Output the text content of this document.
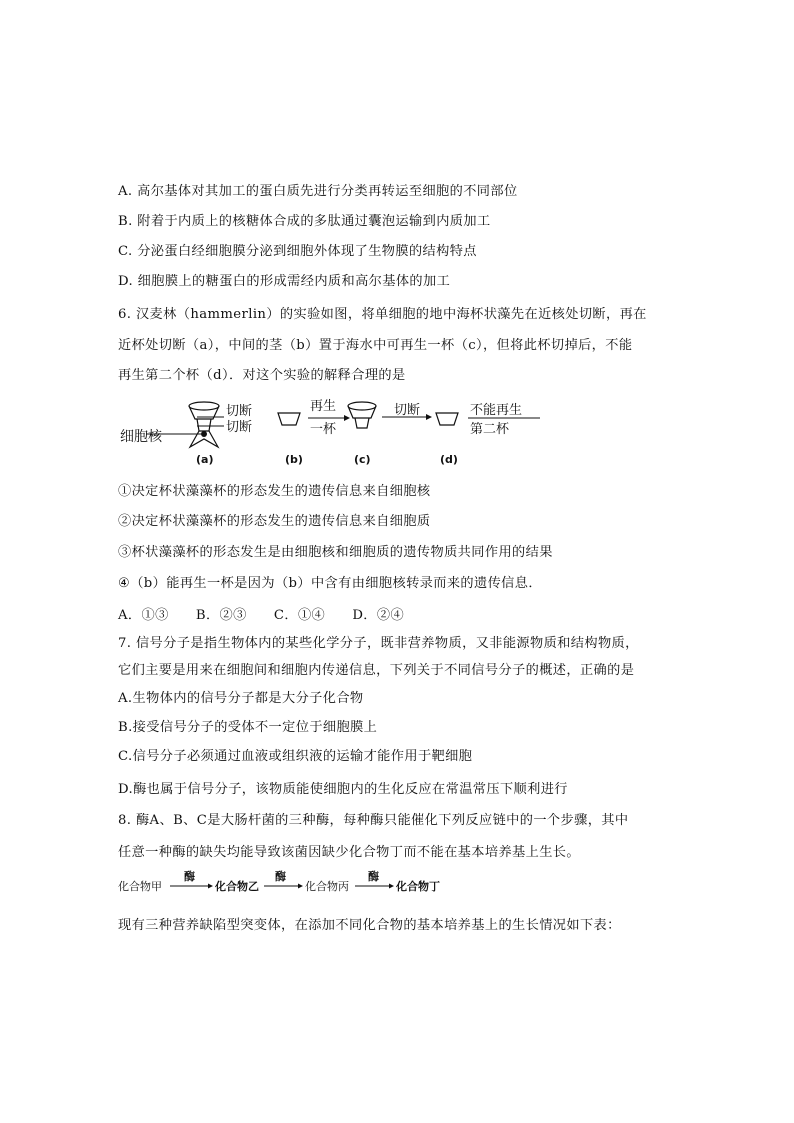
A. 高尔基体对其加工的蛋白质先进行分类再转运至细胞的不同部位
B. 附着于内质上的核糖体合成的多肽通过囊泡运输到内质加工
C. 分泌蛋白经细胞膜分泌到细胞外体现了生物膜的结构特点
D. 细胞膜上的糖蛋白的形成需经内质和高尔基体的加工
6. 汉麦林（hammerlin）的实验如图，将单细胞的地中海杯状藻先在近核处切断，再在
近杯处切断（a），中间的茎（b）置于海水中可再生一杯（c），但将此杯切掉后，不能
再生第二个杯（d）．对这个实验的解释合理的是
细胞核
切断
切断
再生
一杯
切断	不能再生
第二杯
(a)	(b)	(c)	(d)
①决定杯状藻藻杯的形态发生的遗传信息来自细胞核
②决定杯状藻藻杯的形态发生的遗传信息来自细胞质
③杯状藻藻杯的形态发生是由细胞核和细胞质的遗传物质共同作用的结果
④（b）能再生一杯是因为（b）中含有由细胞核转录而来的遗传信息．
A．①③　　B．②③　　C．①④　　D．②④
7. 信号分子是指生物体内的某些化学分子，既非营养物质，又非能源物质和结构物质，
它们主要是用来在细胞间和细胞内传递信息，下列关于不同信号分子的概述，正确的是
A.生物体内的信号分子都是大分子化合物
B.接受信号分子的受体不一定位于细胞膜上
C.信号分子必须通过血液或组织液的运输才能作用于靶细胞
D.酶也属于信号分子，该物质能使细胞内的生化反应在常温常压下顺利进行
8. 酶A、B、C是大肠杆菌的三种酶，每种酶只能催化下列反应链中的一个步骤，其中
任意一种酶的缺失均能导致该菌因缺少化合物丁而不能在基本培养基上生长。
化合物甲
酶
化合物乙
酶
化合物丙
酶
化合物丁
现有三种营养缺陷型突变体，在添加不同化合物的基本培养基上的生长情况如下表：
